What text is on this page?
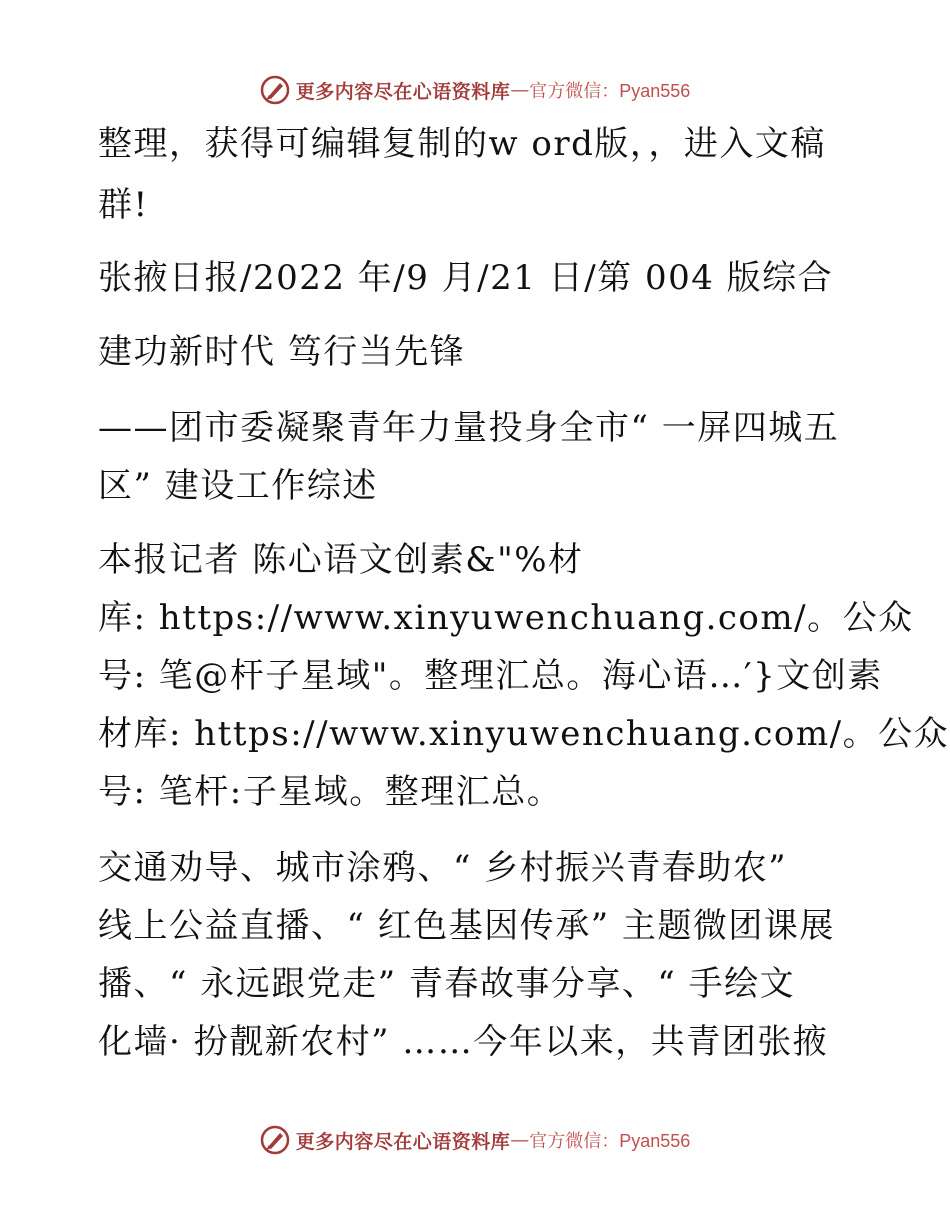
更多内容尽在心语资料库 — 官方微信：Pyan556
整理，获得可编辑复制的w ord版，，进入文稿
群!
张掖日报/2022 年/9 月/21 日/第 004 版综合
建功新时代 笃行当先锋
——团市委凝聚青年力量投身全市“ 一屏四城五
区” 建设工作综述
本报记者 陈心语文创素&"%材
库: https://www.xinyuwenchuang.com/。公众
号: 笔@杆子星域"。整理汇总。海心语…′}文创素
材库: https://www.xinyuwenchuang.com/。公众
号: 笔杆:子星域。整理汇总。
交通劝导、城市涂鸦、“ 乡村振兴青春助农”
线上公益直播、“ 红色基因传承” 主题微团课展
播、“ 永远跟党走” 青春故事分享、“ 手绘文
化墙· 扮靓新农村” ……今年以来，共青团张掖
更多内容尽在心语资料库 — 官方微信：Pyan556
